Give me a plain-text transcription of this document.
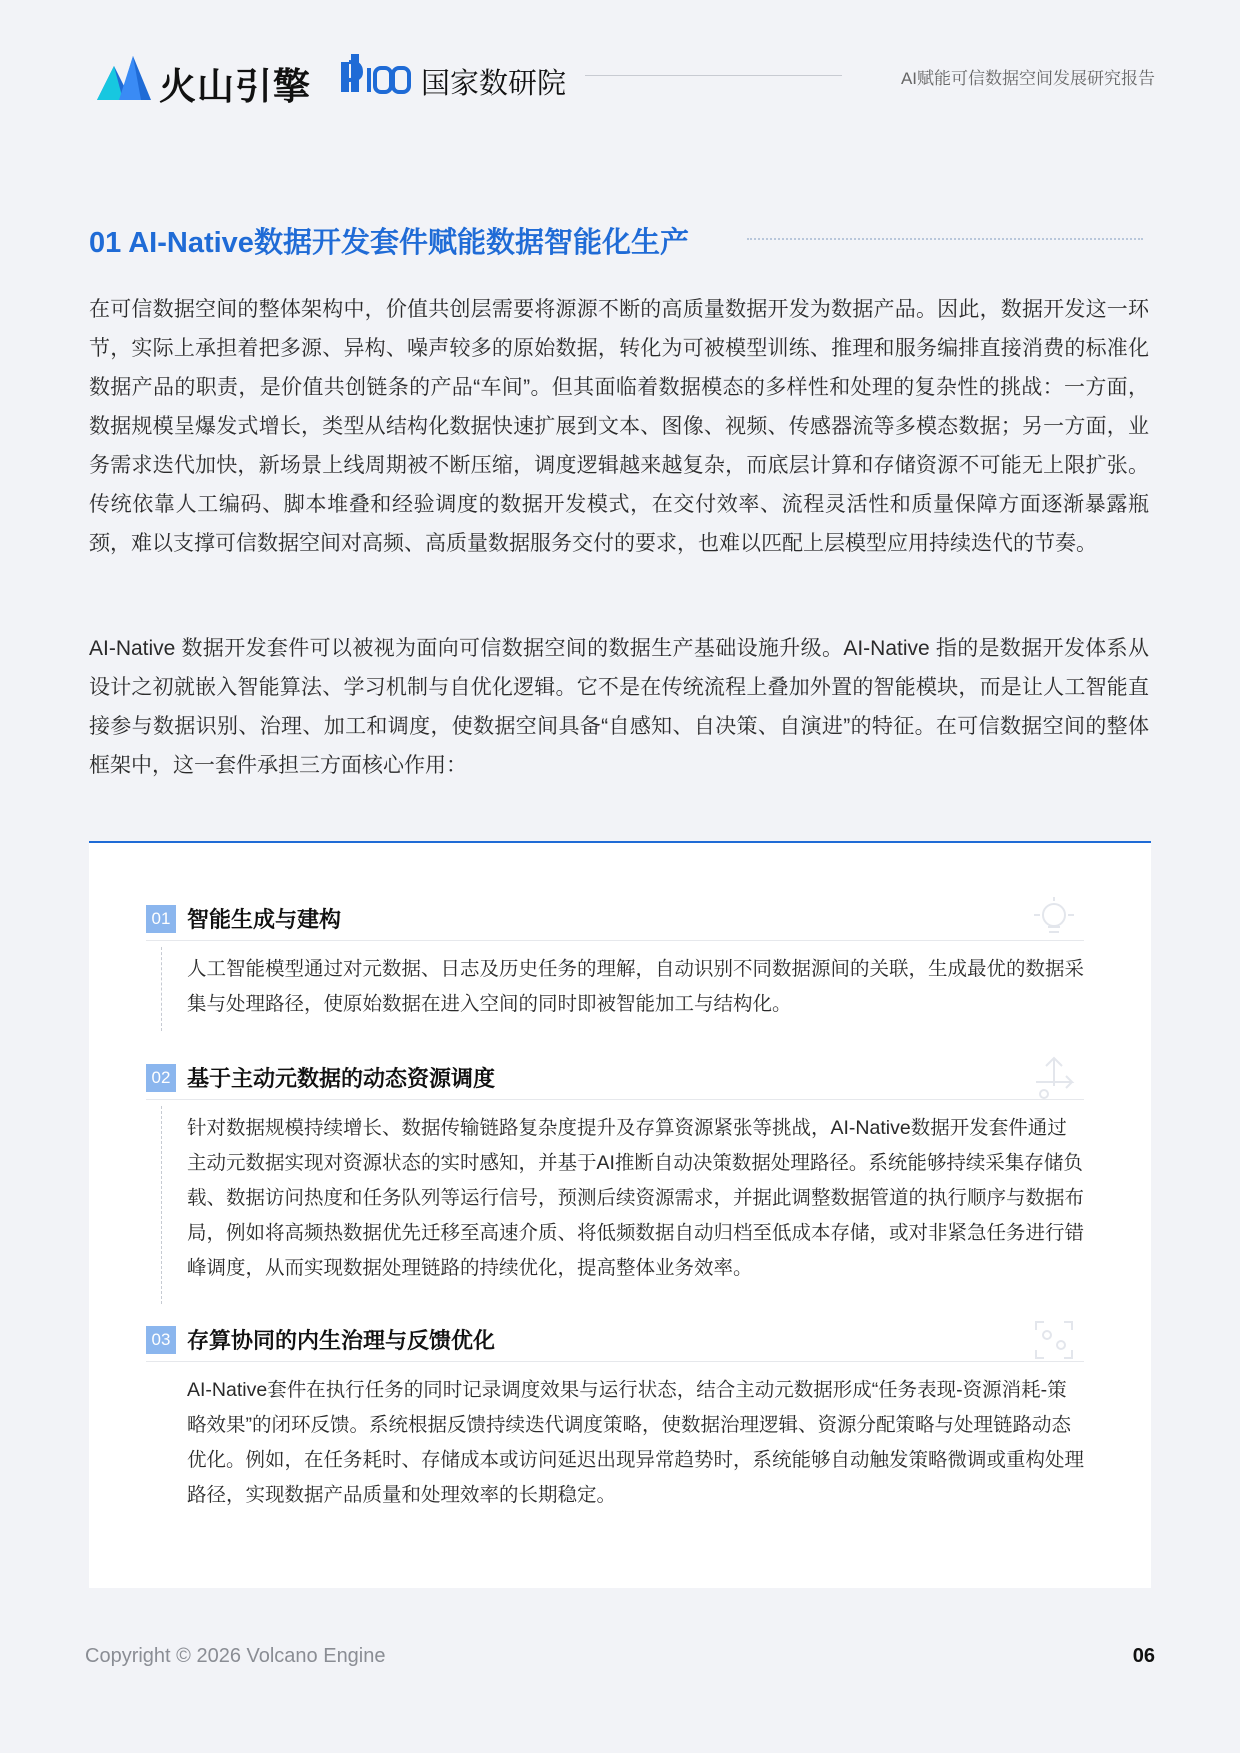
火山引擎	国家数研院	AI赋能可信数据空间发展研究报告
01 AI-Native数据开发套件赋能数据智能化生产

在可信数据空间的整体架构中，价值共创层需要将源源不断的高质量数据开发为数据产品。因此，数据开发这一环节，实际上承担着把多源、异构、噪声较多的原始数据，转化为可被模型训练、推理和服务编排直接消费的标准化数据产品的职责，是价值共创链条的产品“车间”。但其面临着数据模态的多样性和处理的复杂性的挑战：一方面，数据规模呈爆发式增长，类型从结构化数据快速扩展到文本、图像、视频、传感器流等多模态数据；另一方面，业务需求迭代加快，新场景上线周期被不断压缩，调度逻辑越来越复杂，而底层计算和存储资源不可能无上限扩张。传统依靠人工编码、脚本堆叠和经验调度的数据开发模式，在交付效率、流程灵活性和质量保障方面逐渐暴露瓶颈，难以支撑可信数据空间对高频、高质量数据服务交付的要求，也难以匹配上层模型应用持续迭代的节奏。

AI-Native 数据开发套件可以被视为面向可信数据空间的数据生产基础设施升级。AI-Native 指的是数据开发体系从设计之初就嵌入智能算法、学习机制与自优化逻辑。它不是在传统流程上叠加外置的智能模块，而是让人工智能直接参与数据识别、治理、加工和调度，使数据空间具备“自感知、自决策、自演进”的特征。在可信数据空间的整体框架中，这一套件承担三方面核心作用：

01 智能生成与建构

人工智能模型通过对元数据、日志及历史任务的理解，自动识别不同数据源间的关联，生成最优的数据采集与处理路径，使原始数据在进入空间的同时即被智能加工与结构化。

02 基于主动元数据的动态资源调度

针对数据规模持续增长、数据传输链路复杂度提升及存算资源紧张等挑战，AI-Native数据开发套件通过主动元数据实现对资源状态的实时感知，并基于AI推断自动决策数据处理路径。系统能够持续采集存储负载、数据访问热度和任务队列等运行信号，预测后续资源需求，并据此调整数据管道的执行顺序与数据布局，例如将高频热数据优先迁移至高速介质、将低频数据自动归档至低成本存储，或对非紧急任务进行错峰调度，从而实现数据处理链路的持续优化，提高整体业务效率。

03 存算协同的内生治理与反馈优化

AI-Native套件在执行任务的同时记录调度效果与运行状态，结合主动元数据形成“任务表现-资源消耗-策略效果”的闭环反馈。系统根据反馈持续迭代调度策略，使数据治理逻辑、资源分配策略与处理链路动态优化。例如，在任务耗时、存储成本或访问延迟出现异常趋势时，系统能够自动触发策略微调或重构处理路径，实现数据产品质量和处理效率的长期稳定。

Copyright © 2026 Volcano Engine	06
